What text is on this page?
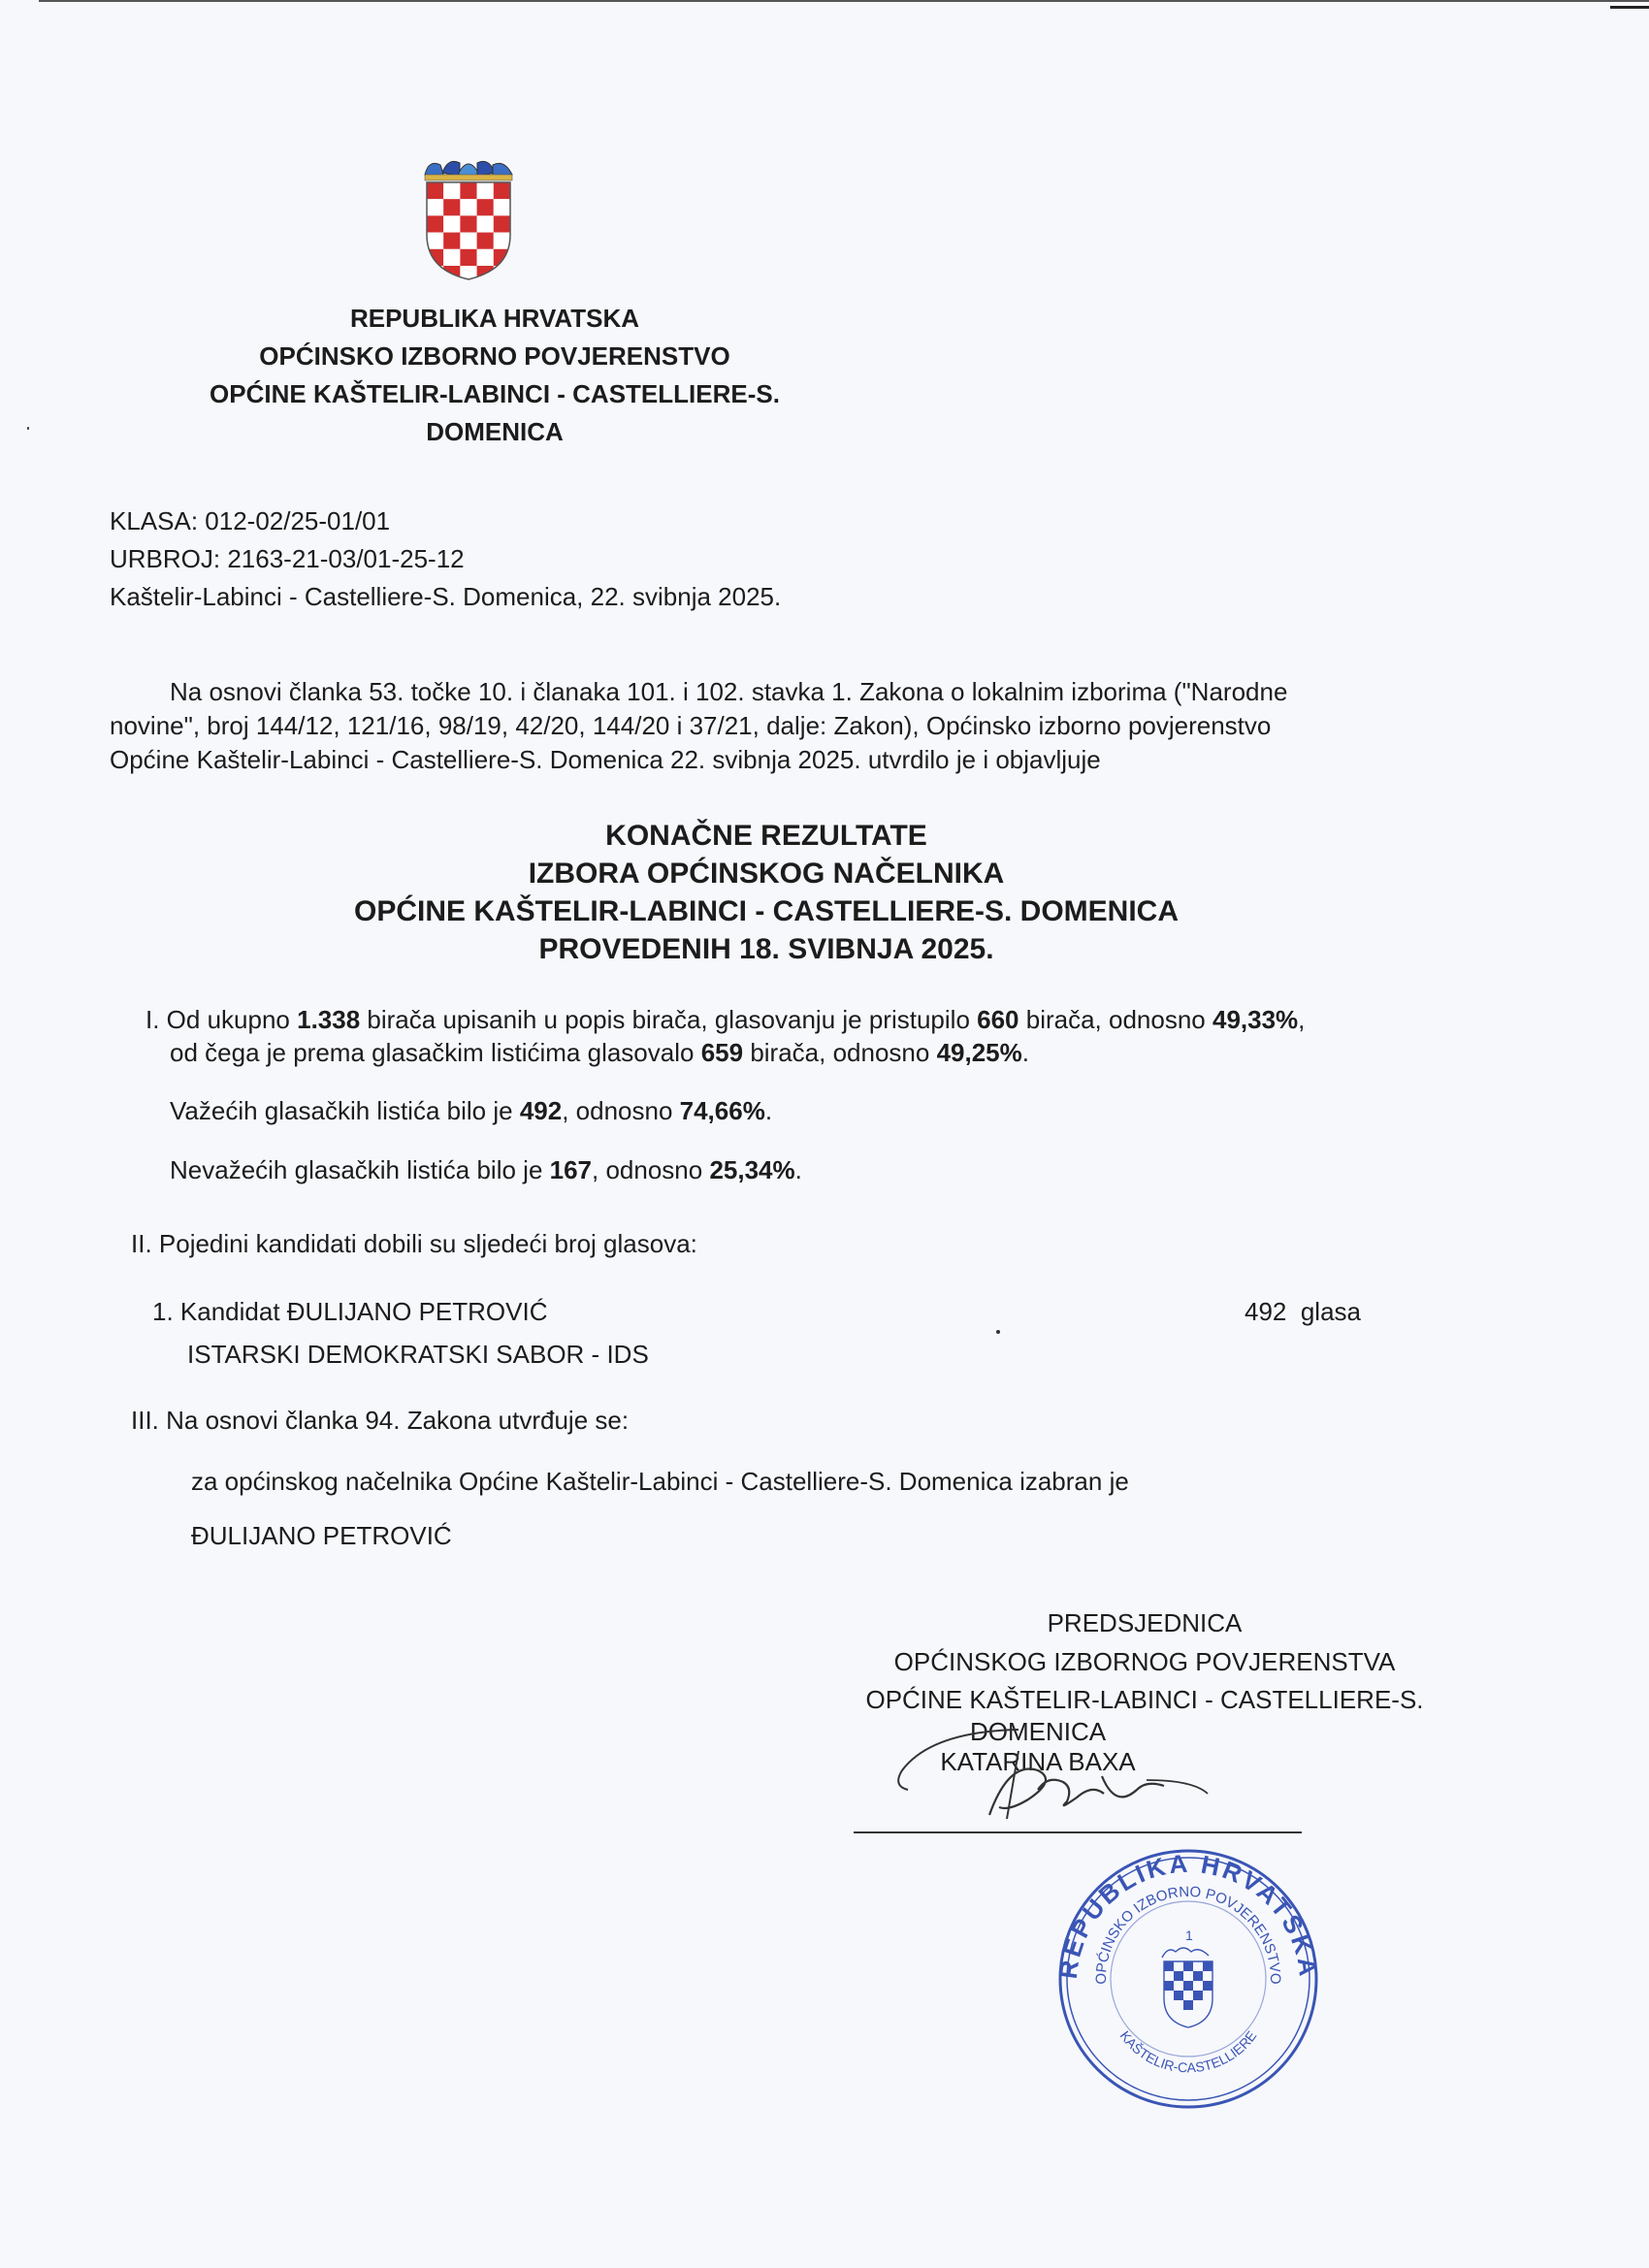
REPUBLIKA HRVATSKA
OPĆINSKO IZBORNO POVJERENSTVO
OPĆINE KAŠTELIR-LABINCI - CASTELLIERE-S.
DOMENICA
KLASA: 012-02/25-01/01
URBROJ: 2163-21-03/01-25-12
Kaštelir-Labinci - Castelliere-S. Domenica, 22. svibnja 2025.
Na osnovi članka 53. točke 10. i članaka 101. i 102. stavka 1. Zakona o lokalnim izborima ("Narodne
novine", broj 144/12, 121/16, 98/19, 42/20, 144/20 i 37/21, dalje: Zakon), Općinsko izborno povjerenstvo
Općine Kaštelir-Labinci - Castelliere-S. Domenica 22. svibnja 2025. utvrdilo je i objavljuje
KONAČNE REZULTATE
IZBORA OPĆINSKOG NAČELNIKA
OPĆINE KAŠTELIR-LABINCI - CASTELLIERE-S. DOMENICA
PROVEDENIH 18. SVIBNJA 2025.
I. Od ukupno 1.338 birača upisanih u popis birača, glasovanju je pristupilo 660 birača, odnosno 49,33%,
od čega je prema glasačkim listićima glasovalo 659 birača, odnosno 49,25%.
Važećih glasačkih listića bilo je 492, odnosno 74,66%.
Nevažećih glasačkih listića bilo je 167, odnosno 25,34%.
II. Pojedini kandidati dobili su sljedeći broj glasova:
1. Kandidat ĐULIJANO PETROVIĆ
ISTARSKI DEMOKRATSKI SABOR - IDS
492 glasa
III. Na osnovi članka 94. Zakona utvrđuje se:
za općinskog načelnika Općine Kaštelir-Labinci - Castelliere-S. Domenica izabran je
ĐULIJANO PETROVIĆ
PREDSJEDNICA
OPĆINSKOG IZBORNOG POVJERENSTVA
OPĆINE KAŠTELIR-LABINCI - CASTELLIERE-S.
DOMENICA
KATARINA BAXA
REPUBLIKA HRVATSKA
OPĆINSKO IZBORNO POVJERENSTVO
KAŠTELIR-CASTELLIERE
1
